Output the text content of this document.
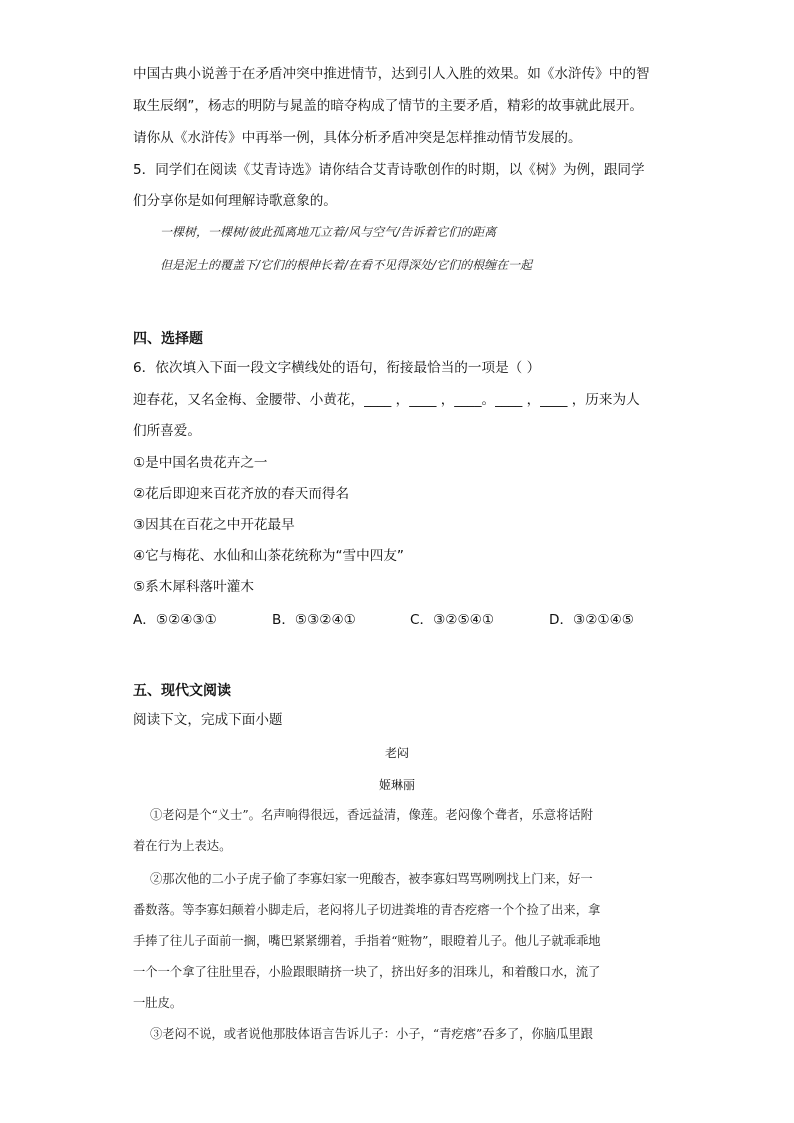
中国古典小说善于在矛盾冲突中推进情节，达到引人入胜的效果。如《水浒传》中的智
取生辰纲”，杨志的明防与晁盖的暗夺构成了情节的主要矛盾，精彩的故事就此展开。
请你从《水浒传》中再举一例，具体分析矛盾冲突是怎样推动情节发展的。
5．同学们在阅读《艾青诗选》请你结合艾青诗歌创作的时期，以《树》为例，跟同学
们分享你是如何理解诗歌意象的。
一棵树，一棵树/彼此孤离地兀立着/风与空气/告诉着它们的距离
但是泥土的覆盖下/它们的根伸长着/在看不见得深处/它们的根缠在一起
四、选择题
6．依次填入下面一段文字横线处的语句，衔接最恰当的一项是（ ）
迎春花，又名金梅、金腰带、小黄花，____ ，____ ，____。____ ，____ ，历来为人
们所喜爱。
①是中国名贵花卉之一
②花后即迎来百花齐放的春天而得名
③因其在百花之中开花最早
④它与梅花、水仙和山茶花统称为“雪中四友”
⑤系木犀科落叶灌木
A．⑤②④③①	B．⑤③②④①	C．③②⑤④①	D．③②①④⑤
五、现代文阅读
阅读下文，完成下面小题
老闷
姬琳丽
①老闷是个“义士”。名声响得很远，香远益清，像莲。老闷像个聋者，乐意将话附
着在行为上表达。
②那次他的二小子虎子偷了李寡妇家一兜酸杏，被李寡妇骂骂咧咧找上门来，好一
番数落。等李寡妇颠着小脚走后，老闷将儿子切进粪堆的青杏疙瘩一个个捡了出来，拿
手捧了往儿子面前一搁，嘴巴紧紧绷着，手指着“赃物”，眼瞪着儿子。他儿子就乖乖地
一个一个拿了往肚里吞，小脸跟眼睛挤一块了，挤出好多的泪珠儿，和着酸口水，流了
一肚皮。
③老闷不说，或者说他那肢体语言告诉儿子：小子，“青疙瘩”吞多了，你脑瓜里跟
